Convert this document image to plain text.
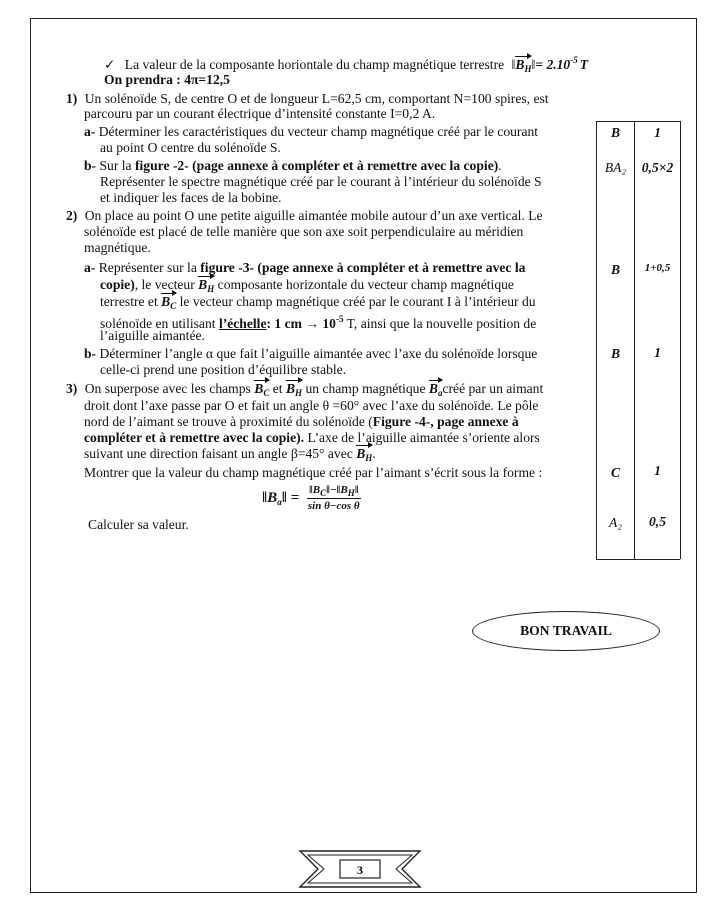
✓ La valeur de la composante horiontale du champ magnétique terrestre $‖B_H‖= 2.10^{-5}$ T
On prendra : 4π=12,5
1) Un solénoïde S, de centre O et de longueur L=62,5 cm, comportant N=100 spires, est
parcouru par un courant électrique d’intensité constante I=0,2 A.
a- Déterminer les caractéristiques du vecteur champ magnétique créé par le courant
au point O centre du solénoïde S.
b- Sur la figure -2- (page annexe à compléter et à remettre avec la copie).
Représenter le spectre magnétique créé par le courant à l’intérieur du solénoïde S
et indiquer les faces de la bobine.
2) On place au point O une petite aiguille aimantée mobile autour d’un axe vertical. Le
solénoïde est placé de telle manière que son axe soit perpendiculaire au méridien
magnétique.
a- Représenter sur la figure -3- (page annexe à compléter et à remettre avec la
copie), le vecteur $B_H$ composante horizontale du vecteur champ magnétique
terrestre et $B_C$ le vecteur champ magnétique créé par le courant I à l’intérieur du
solénoïde en utilisant l’échelle: 1 cm → $10^{-5}$ T, ainsi que la nouvelle position de
l’aiguille aimantée.
b- Déterminer l’angle α que fait l’aiguille aimantée avec l’axe du solénoïde lorsque
celle-ci prend une position d’équilibre stable.
3) On superpose avec les champs $B_C$ et $B_H$ un champ magnétique $B_acréé$ par un aimant
droit dont l’axe passe par O et fait un angle θ =60° avec l’axe du solénoïde. Le pôle
nord de l’aimant se trouve à proximité du solénoïde (Figure -4-, page annexe à
compléter et à remettre avec la copie). L’axe de l’aiguille aimantée s’oriente alors
suivant une direction faisant un angle β=45° avec $B_H$.
Montrer que la valeur du champ magnétique créé par l’aimant s’écrit sous la forme :
$‖B_a‖ = \frac{‖B_C‖-‖B_H‖}{\text{sin θ−cos θ}}$
Calculer sa valeur.
B	1
BA₂	0,5×2
B	1+0,5
B	1
C	1
A₂	0,5
BON TRAVAIL
3
